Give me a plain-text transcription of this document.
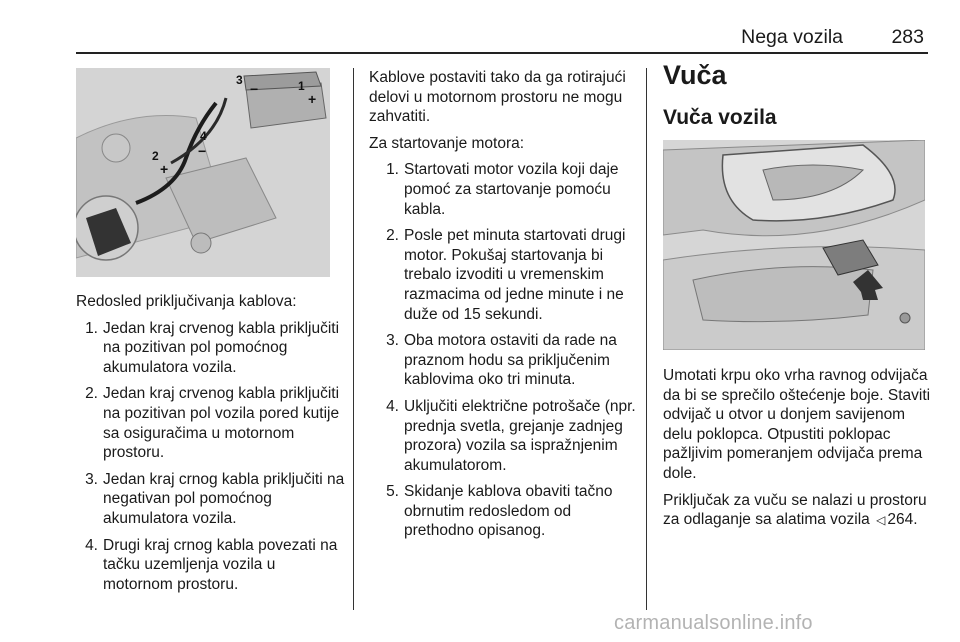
Nega vozila 283
3	1
2
4
+
−
+
−

Redosled priključivanja kablova:

1. Jedan kraj crvenog kabla priključiti na pozitivan pol pomoćnog akumulatora vozila.
2. Jedan kraj crvenog kabla priključiti na pozitivan pol vozila pored kutije sa osiguračima u motornom prostoru.
3. Jedan kraj crnog kabla priključiti na negativan pol pomoćnog akumulatora vozila.
4. Drugi kraj crnog kabla povezati na tačku uzemljenja vozila u motornom prostoru.

Kablove postaviti tako da ga rotirajući delovi u motornom prostoru ne mogu zahvatiti.

Za startovanje motora:

1. Startovati motor vozila koji daje pomoć za startovanje pomoću kabla.
2. Posle pet minuta startovati drugi motor. Pokušaj startovanja bi trebalo izvoditi u vremenskim razmacima od jedne minute i ne duže od 15 sekundi.
3. Oba motora ostaviti da rade na praznom hodu sa priključenim kablovima oko tri minuta.
4. Uključiti električne potrošače (npr. prednja svetla, grejanje zadnjeg prozora) vozila sa ispražnjenim akumulatorom.
5. Skidanje kablova obaviti tačno obrnutim redosledom od prethodno opisanog.
Vuča
Vuča vozila

Umotati krpu oko vrha ravnog odvijača da bi se sprečilo oštećenje boje. Staviti odvijač u otvor u donjem savijenom delu poklopca. Otpustiti poklopac pažljivim pomeranjem odvijača prema dole.

Priključak za vuču se nalazi u prostoru za odlaganje sa alatima vozila ◁ 264.

carmanualsonline.info
